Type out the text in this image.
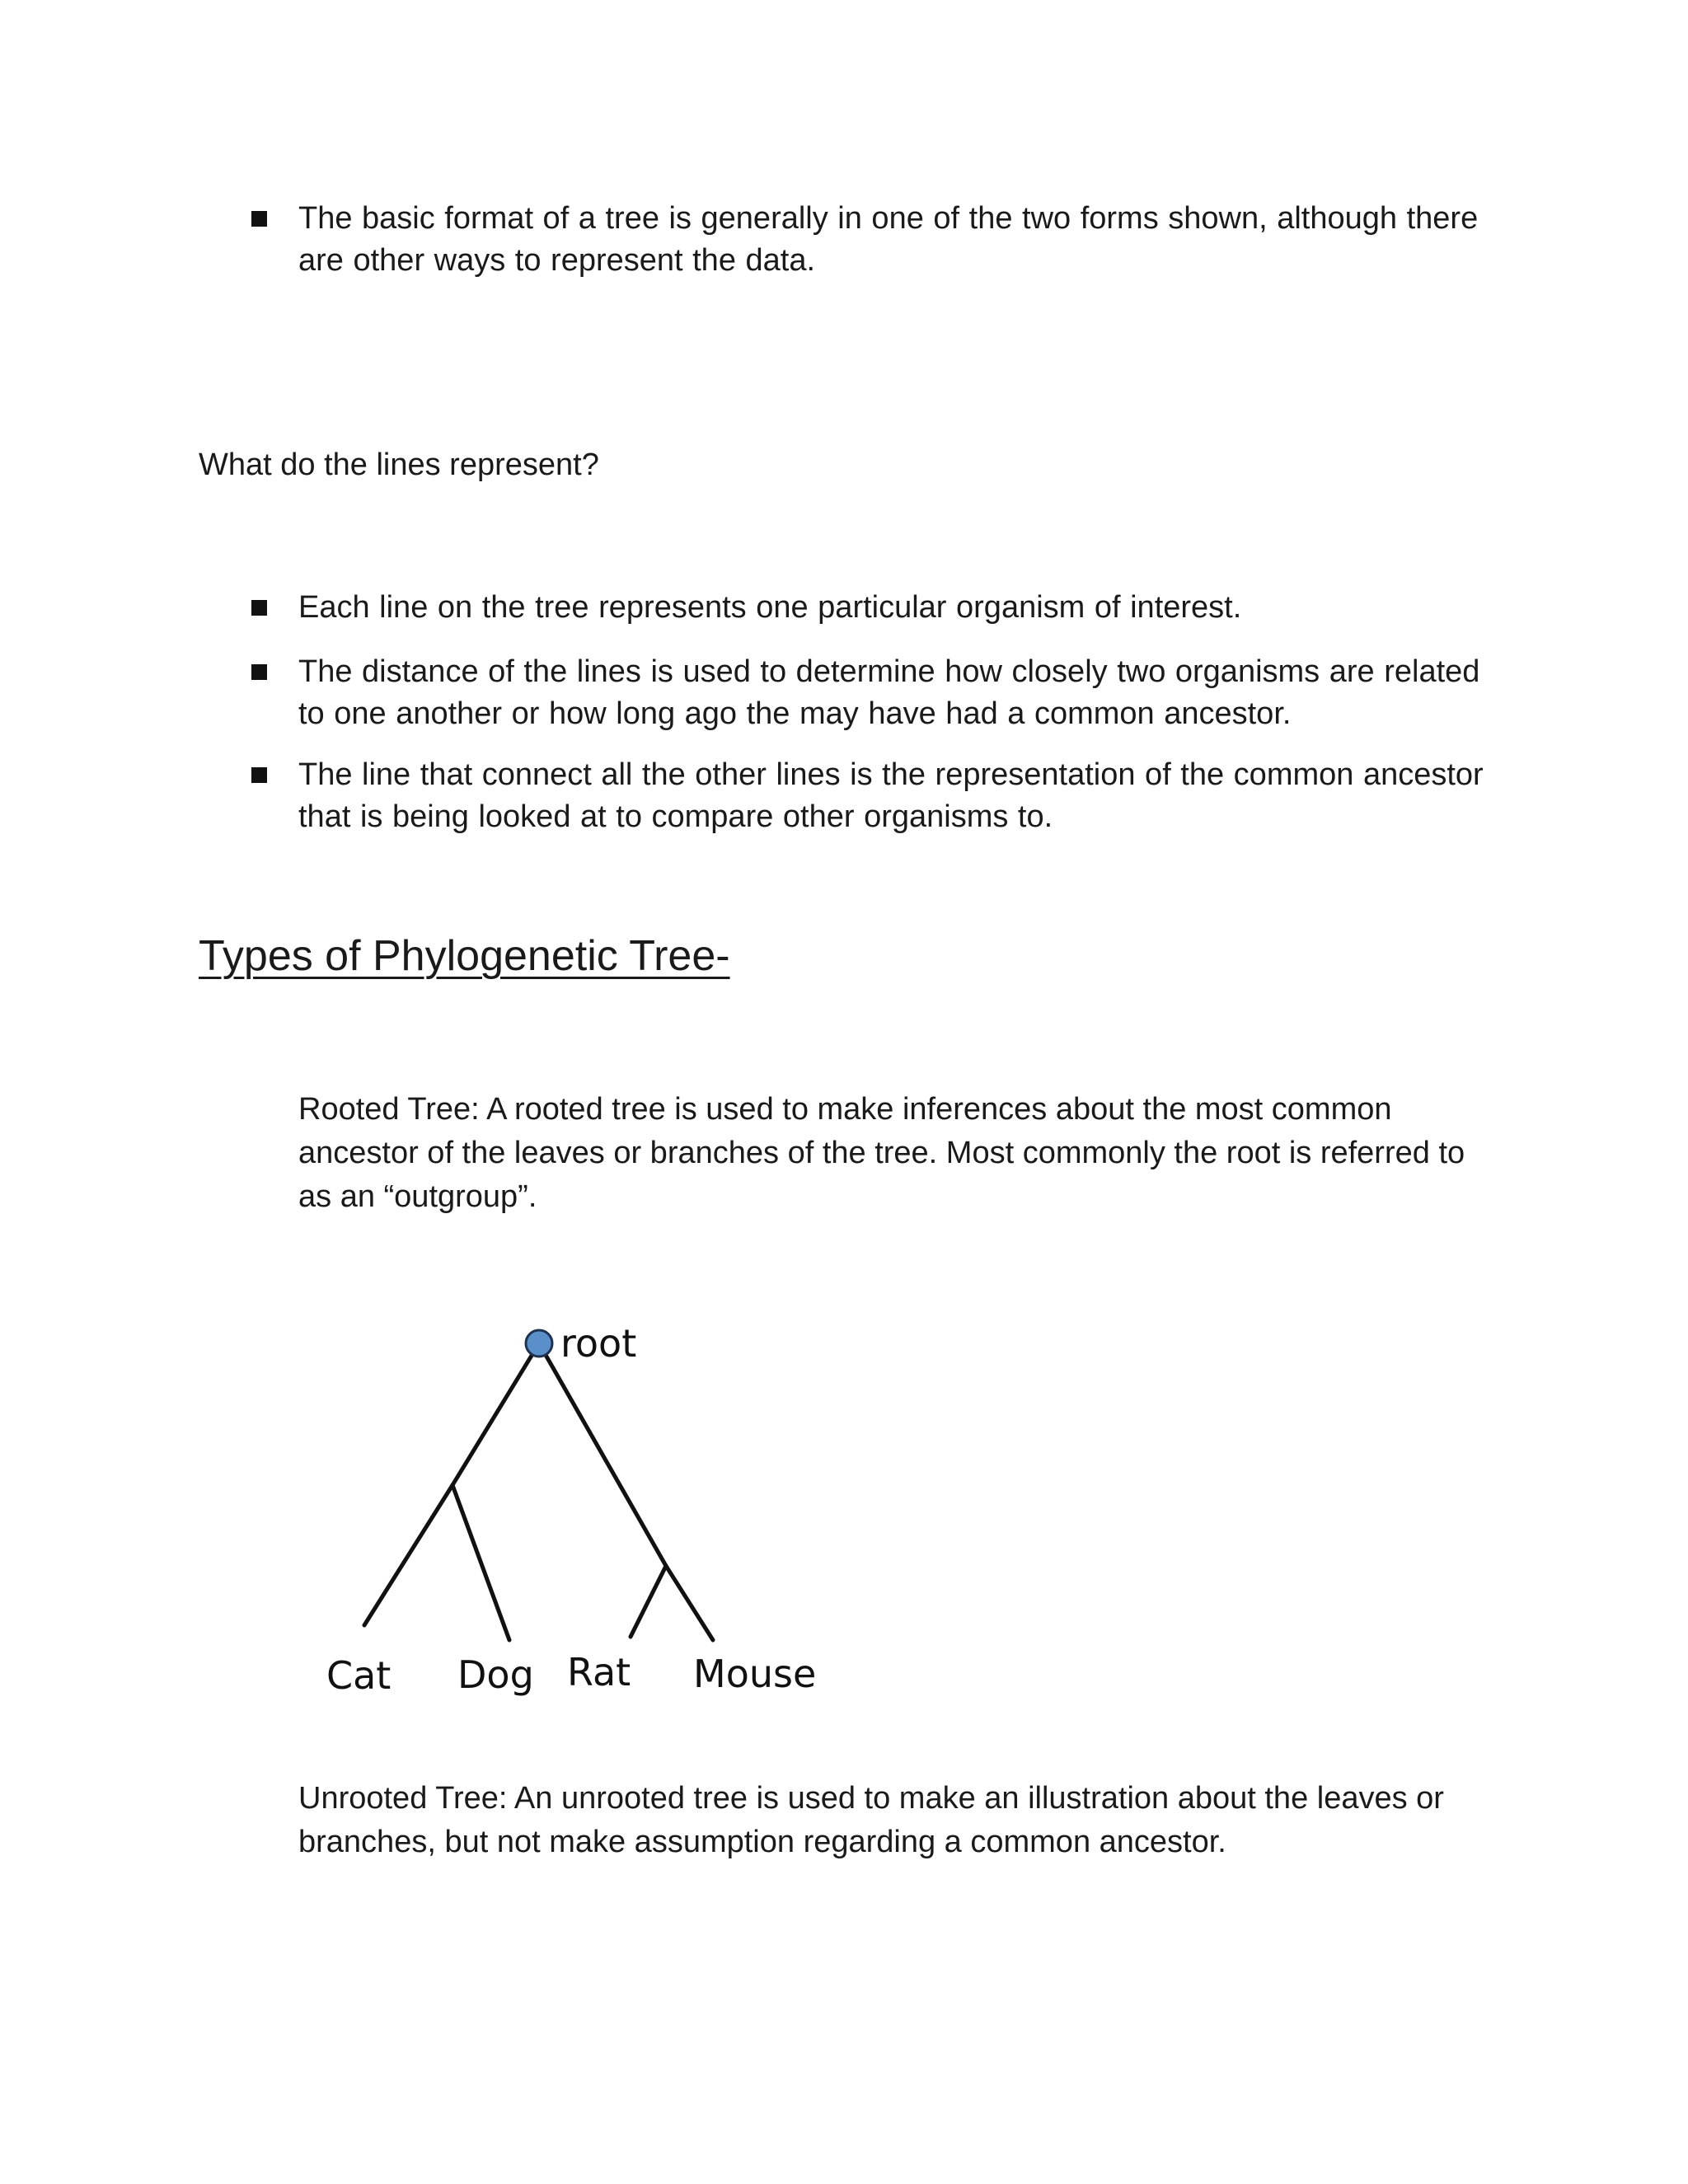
The basic format of a tree is generally in one of the two forms shown, although there are other ways to represent the data.
What do the lines represent?
Each line on the tree represents one particular organism of interest.
The distance of the lines is used to determine how closely two organisms are related to one another or how long ago the may have had a common ancestor.
The line that connect all the other lines is the representation of the common ancestor that is being looked at to compare other organisms to.
Types of Phylogenetic Tree-
Rooted Tree: A rooted tree is used to make inferences about the most common ancestor of the leaves or branches of the tree. Most commonly the root is referred to as an “outgroup”.
root
Cat Dog Rat Mouse
Unrooted Tree: An unrooted tree is used to make an illustration about the leaves or branches, but not make assumption regarding a common ancestor.
